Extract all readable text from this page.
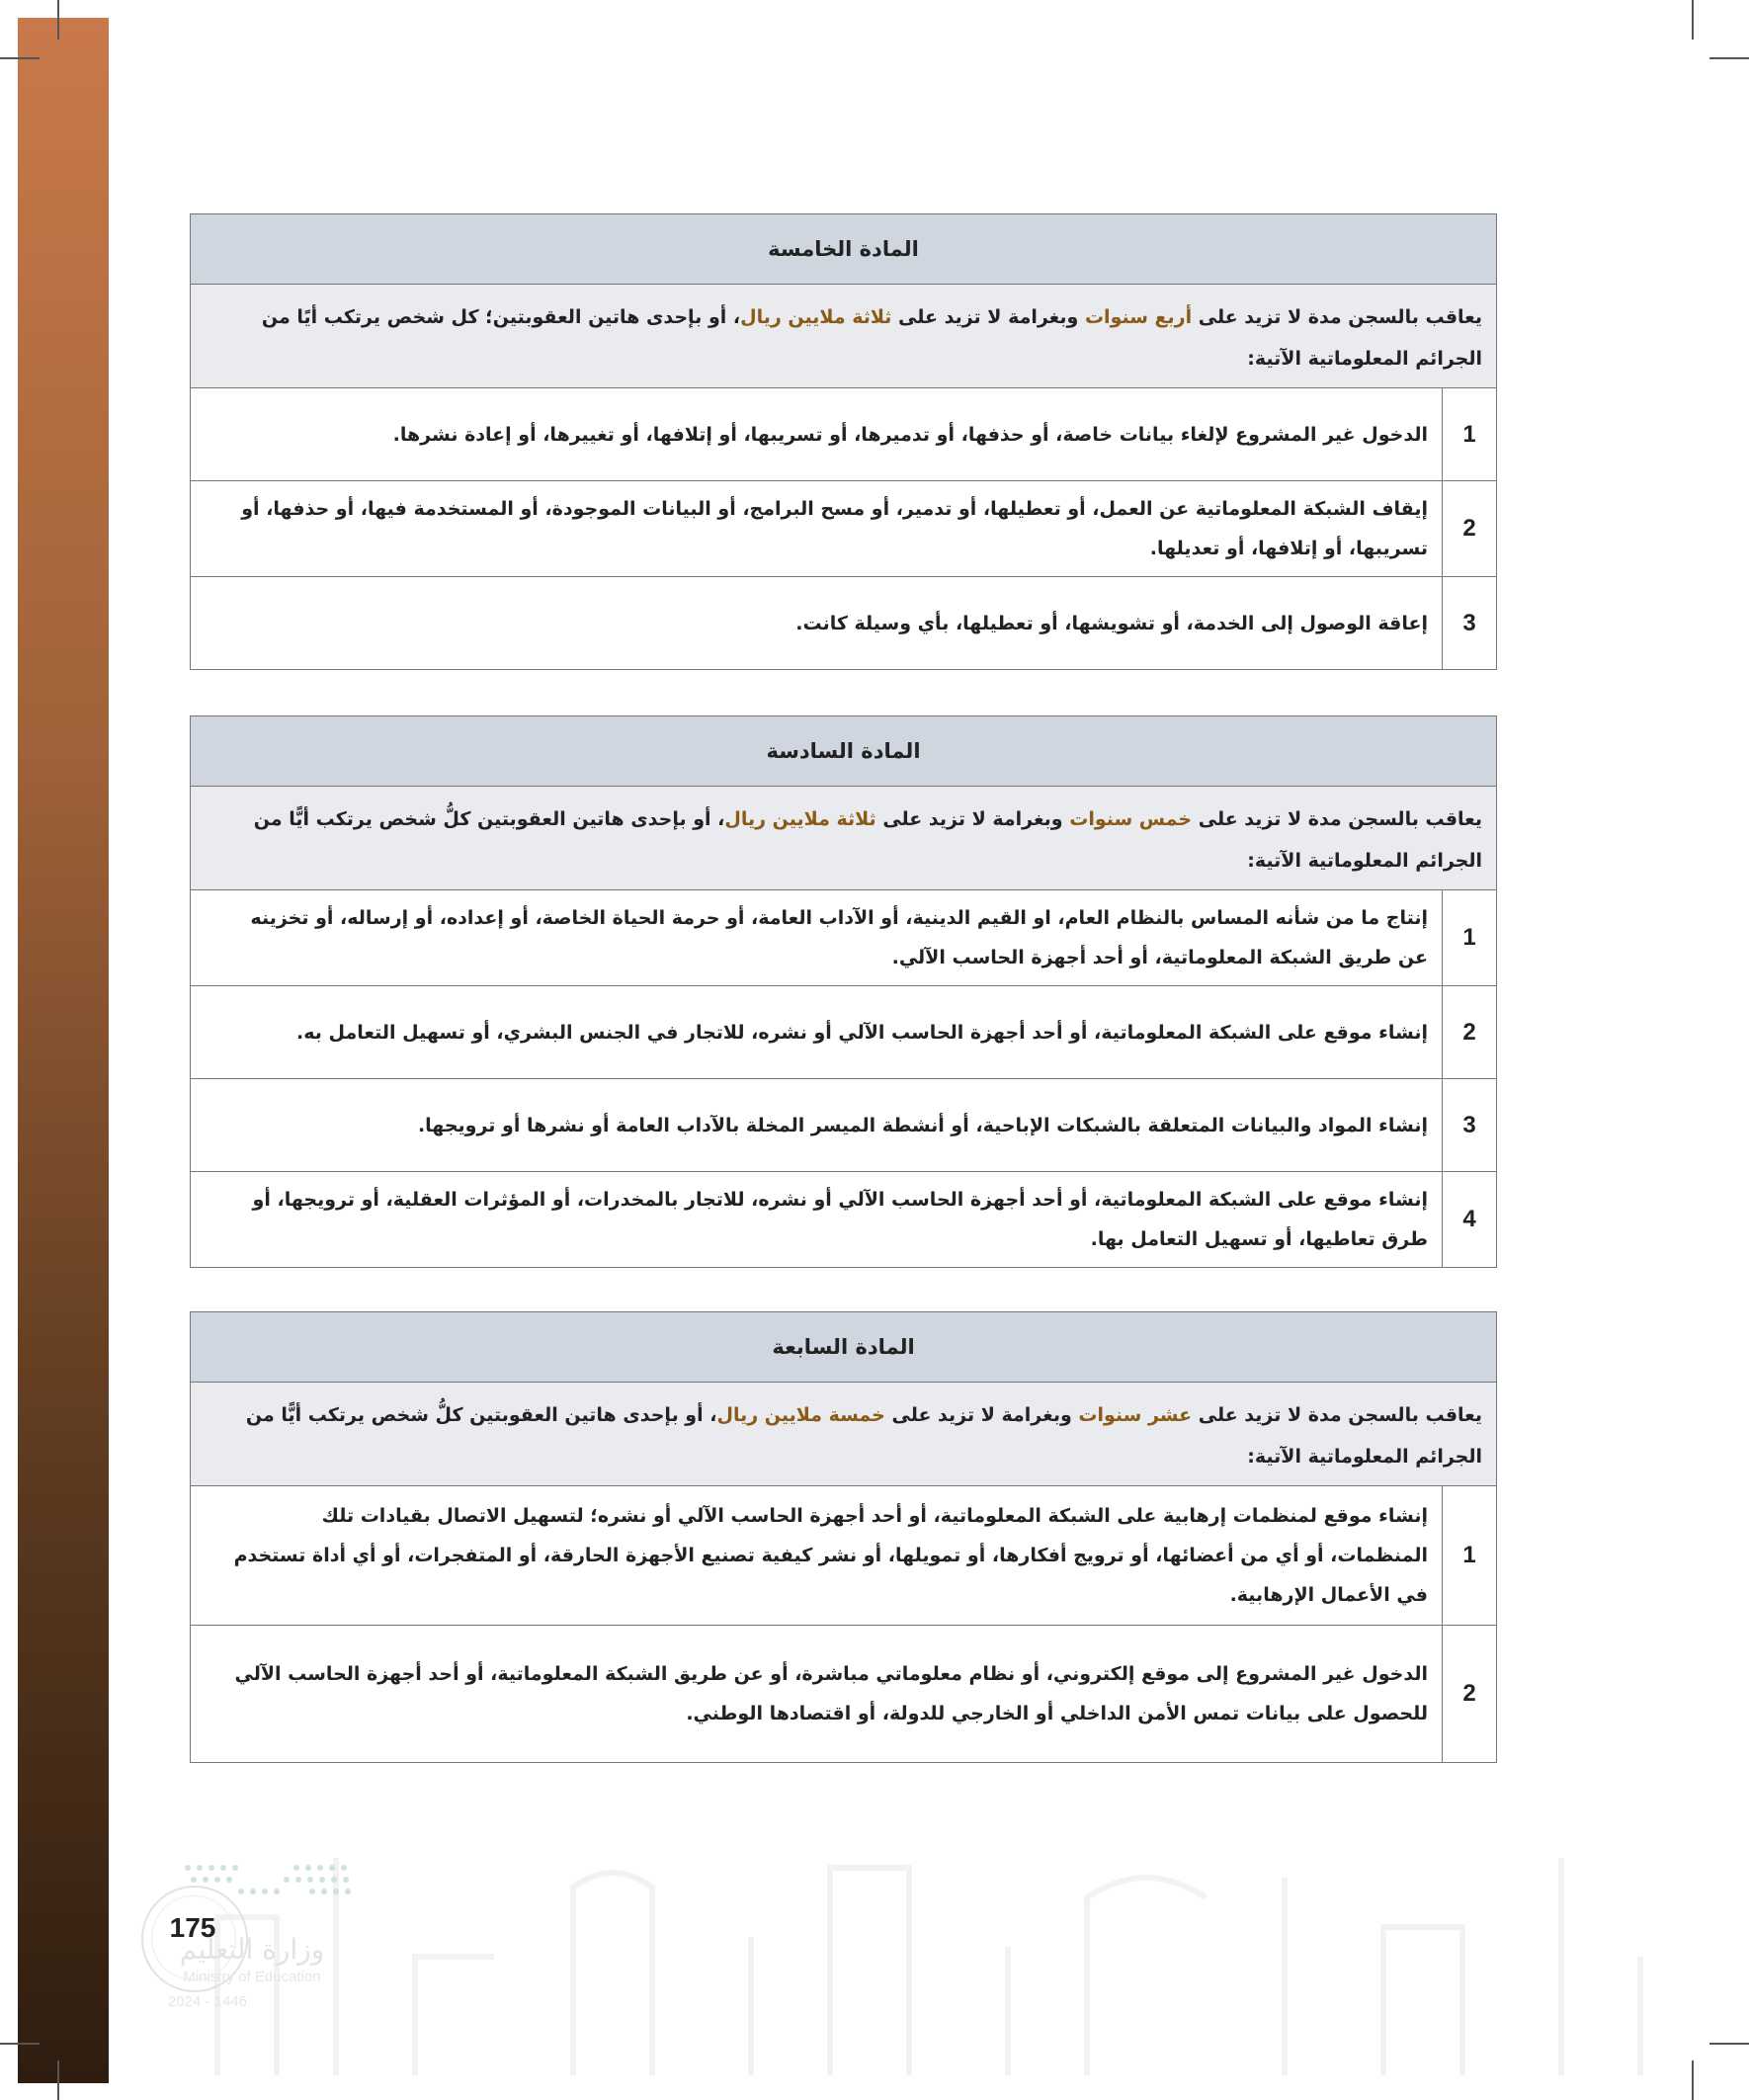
المادة الخامسة
يعاقب بالسجن مدة لا تزيد على أربع سنوات وبغرامة لا تزيد على ثلاثة ملايين ريال، أو بإحدى هاتين العقوبتين؛ كل شخص يرتكب أيًا من الجرائم المعلوماتية الآتية:
1
الدخول غير المشروع لإلغاء بيانات خاصة، أو حذفها، أو تدميرها، أو تسريبها، أو إتلافها، أو تغييرها، أو إعادة نشرها.
2
إيقاف الشبكة المعلوماتية عن العمل، أو تعطيلها، أو تدمير، أو مسح البرامج، أو البيانات الموجودة، أو المستخدمة فيها، أو حذفها، أو تسريبها، أو إتلافها، أو تعديلها.
3
إعاقة الوصول إلى الخدمة، أو تشويشها، أو تعطيلها، بأي وسيلة كانت.
المادة السادسة
يعاقب بالسجن مدة لا تزيد على خمس سنوات وبغرامة لا تزيد على ثلاثة ملايين ريال، أو بإحدى هاتين العقوبتين كلُّ شخص يرتكب أيًّا من الجرائم المعلوماتية الآتية:
1
إنتاج ما من شأنه المساس بالنظام العام، او القيم الدينية، أو الآداب العامة، أو حرمة الحياة الخاصة، أو إعداده، أو إرساله، أو تخزينه عن طريق الشبكة المعلوماتية، أو أحد أجهزة الحاسب الآلي.
2
إنشاء موقع على الشبكة المعلوماتية، أو أحد أجهزة الحاسب الآلي أو نشره، للاتجار في الجنس البشري، أو تسهيل التعامل به.
3
إنشاء المواد والبيانات المتعلقة بالشبكات الإباحية، أو أنشطة الميسر المخلة بالآداب العامة أو نشرها أو ترويجها.
4
إنشاء موقع على الشبكة المعلوماتية، أو أحد أجهزة الحاسب الآلي أو نشره، للاتجار بالمخدرات، أو المؤثرات العقلية، أو ترويجها، أو طرق تعاطيها، أو تسهيل التعامل بها.
المادة السابعة
يعاقب بالسجن مدة لا تزيد على عشر سنوات وبغرامة لا تزيد على خمسة ملايين ريال، أو بإحدى هاتين العقوبتين كلُّ شخص يرتكب أيًّا من الجرائم المعلوماتية الآتية:
1
إنشاء موقع لمنظمات إرهابية على الشبكة المعلوماتية، أو أحد أجهزة الحاسب الآلي أو نشره؛ لتسهيل الاتصال بقيادات تلك المنظمات، أو أي من أعضائها، أو ترويج أفكارها، أو تمويلها، أو نشر كيفية تصنيع الأجهزة الحارقة، أو المتفجرات، أو أي أداة تستخدم في الأعمال الإرهابية.
2
الدخول غير المشروع إلى موقع إلكتروني، أو نظام معلوماتي مباشرة، أو عن طريق الشبكة المعلوماتية، أو أحد أجهزة الحاسب الآلي للحصول على بيانات تمس الأمن الداخلي أو الخارجي للدولة، أو اقتصادها الوطني.
وزارة التعليم
Ministry of Education
2024 - 1446
175
